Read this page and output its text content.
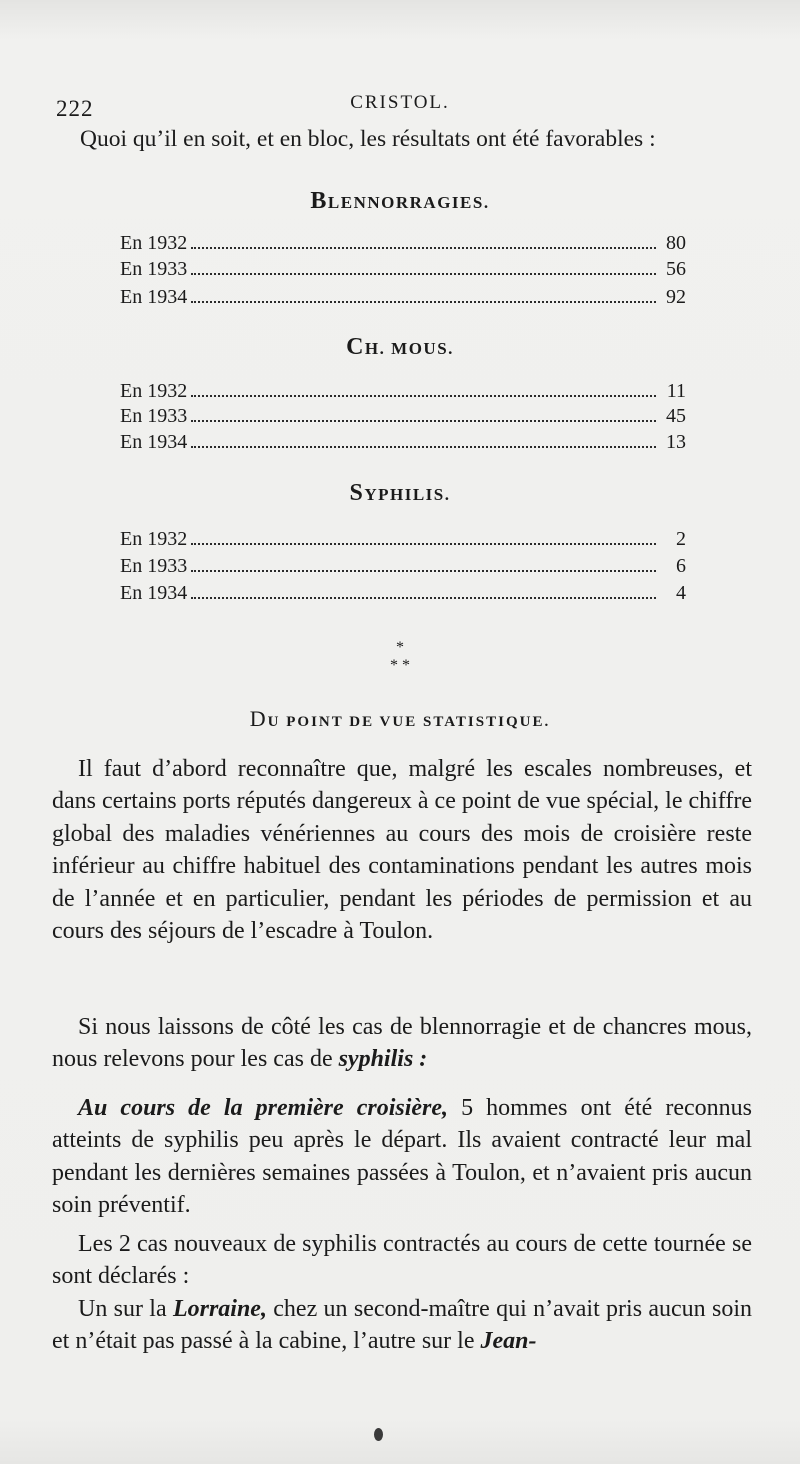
222	CRISTOL.
Quoi qu’il en soit, et en bloc, les résultats ont été favorables :
BLENNORRAGIES.
En 1932	80
En 1933	56
En 1934	92
CH. MOUS.
En 1932	11
En 1933	45
En 1934	13
SYPHILIS.
En 1932	2
En 1933	6
En 1934	4
*
* *
DU POINT DE VUE STATISTIQUE.
Il faut d’abord reconnaître que, malgré les escales nombreuses, et dans certains ports réputés dangereux à ce point de vue spécial, le chiffre global des maladies vénériennes au cours des mois de croisière reste inférieur au chiffre habituel des contaminations pendant les autres mois de l’année et en particulier, pendant les périodes de permission et au cours des séjours de l’escadre à Toulon.
Si nous laissons de côté les cas de blennorragie et de chancres mous, nous relevons pour les cas de syphilis :
Au cours de la première croisière, 5 hommes ont été reconnus atteints de syphilis peu après le départ. Ils avaient contracté leur mal pendant les dernières semaines passées à Toulon, et n’avaient pris aucun soin préventif.
Les 2 cas nouveaux de syphilis contractés au cours de cette tournée se sont déclarés :
Un sur la Lorraine, chez un second-maître qui n’avait pris aucun soin et n’était pas passé à la cabine, l’autre sur le Jean-
